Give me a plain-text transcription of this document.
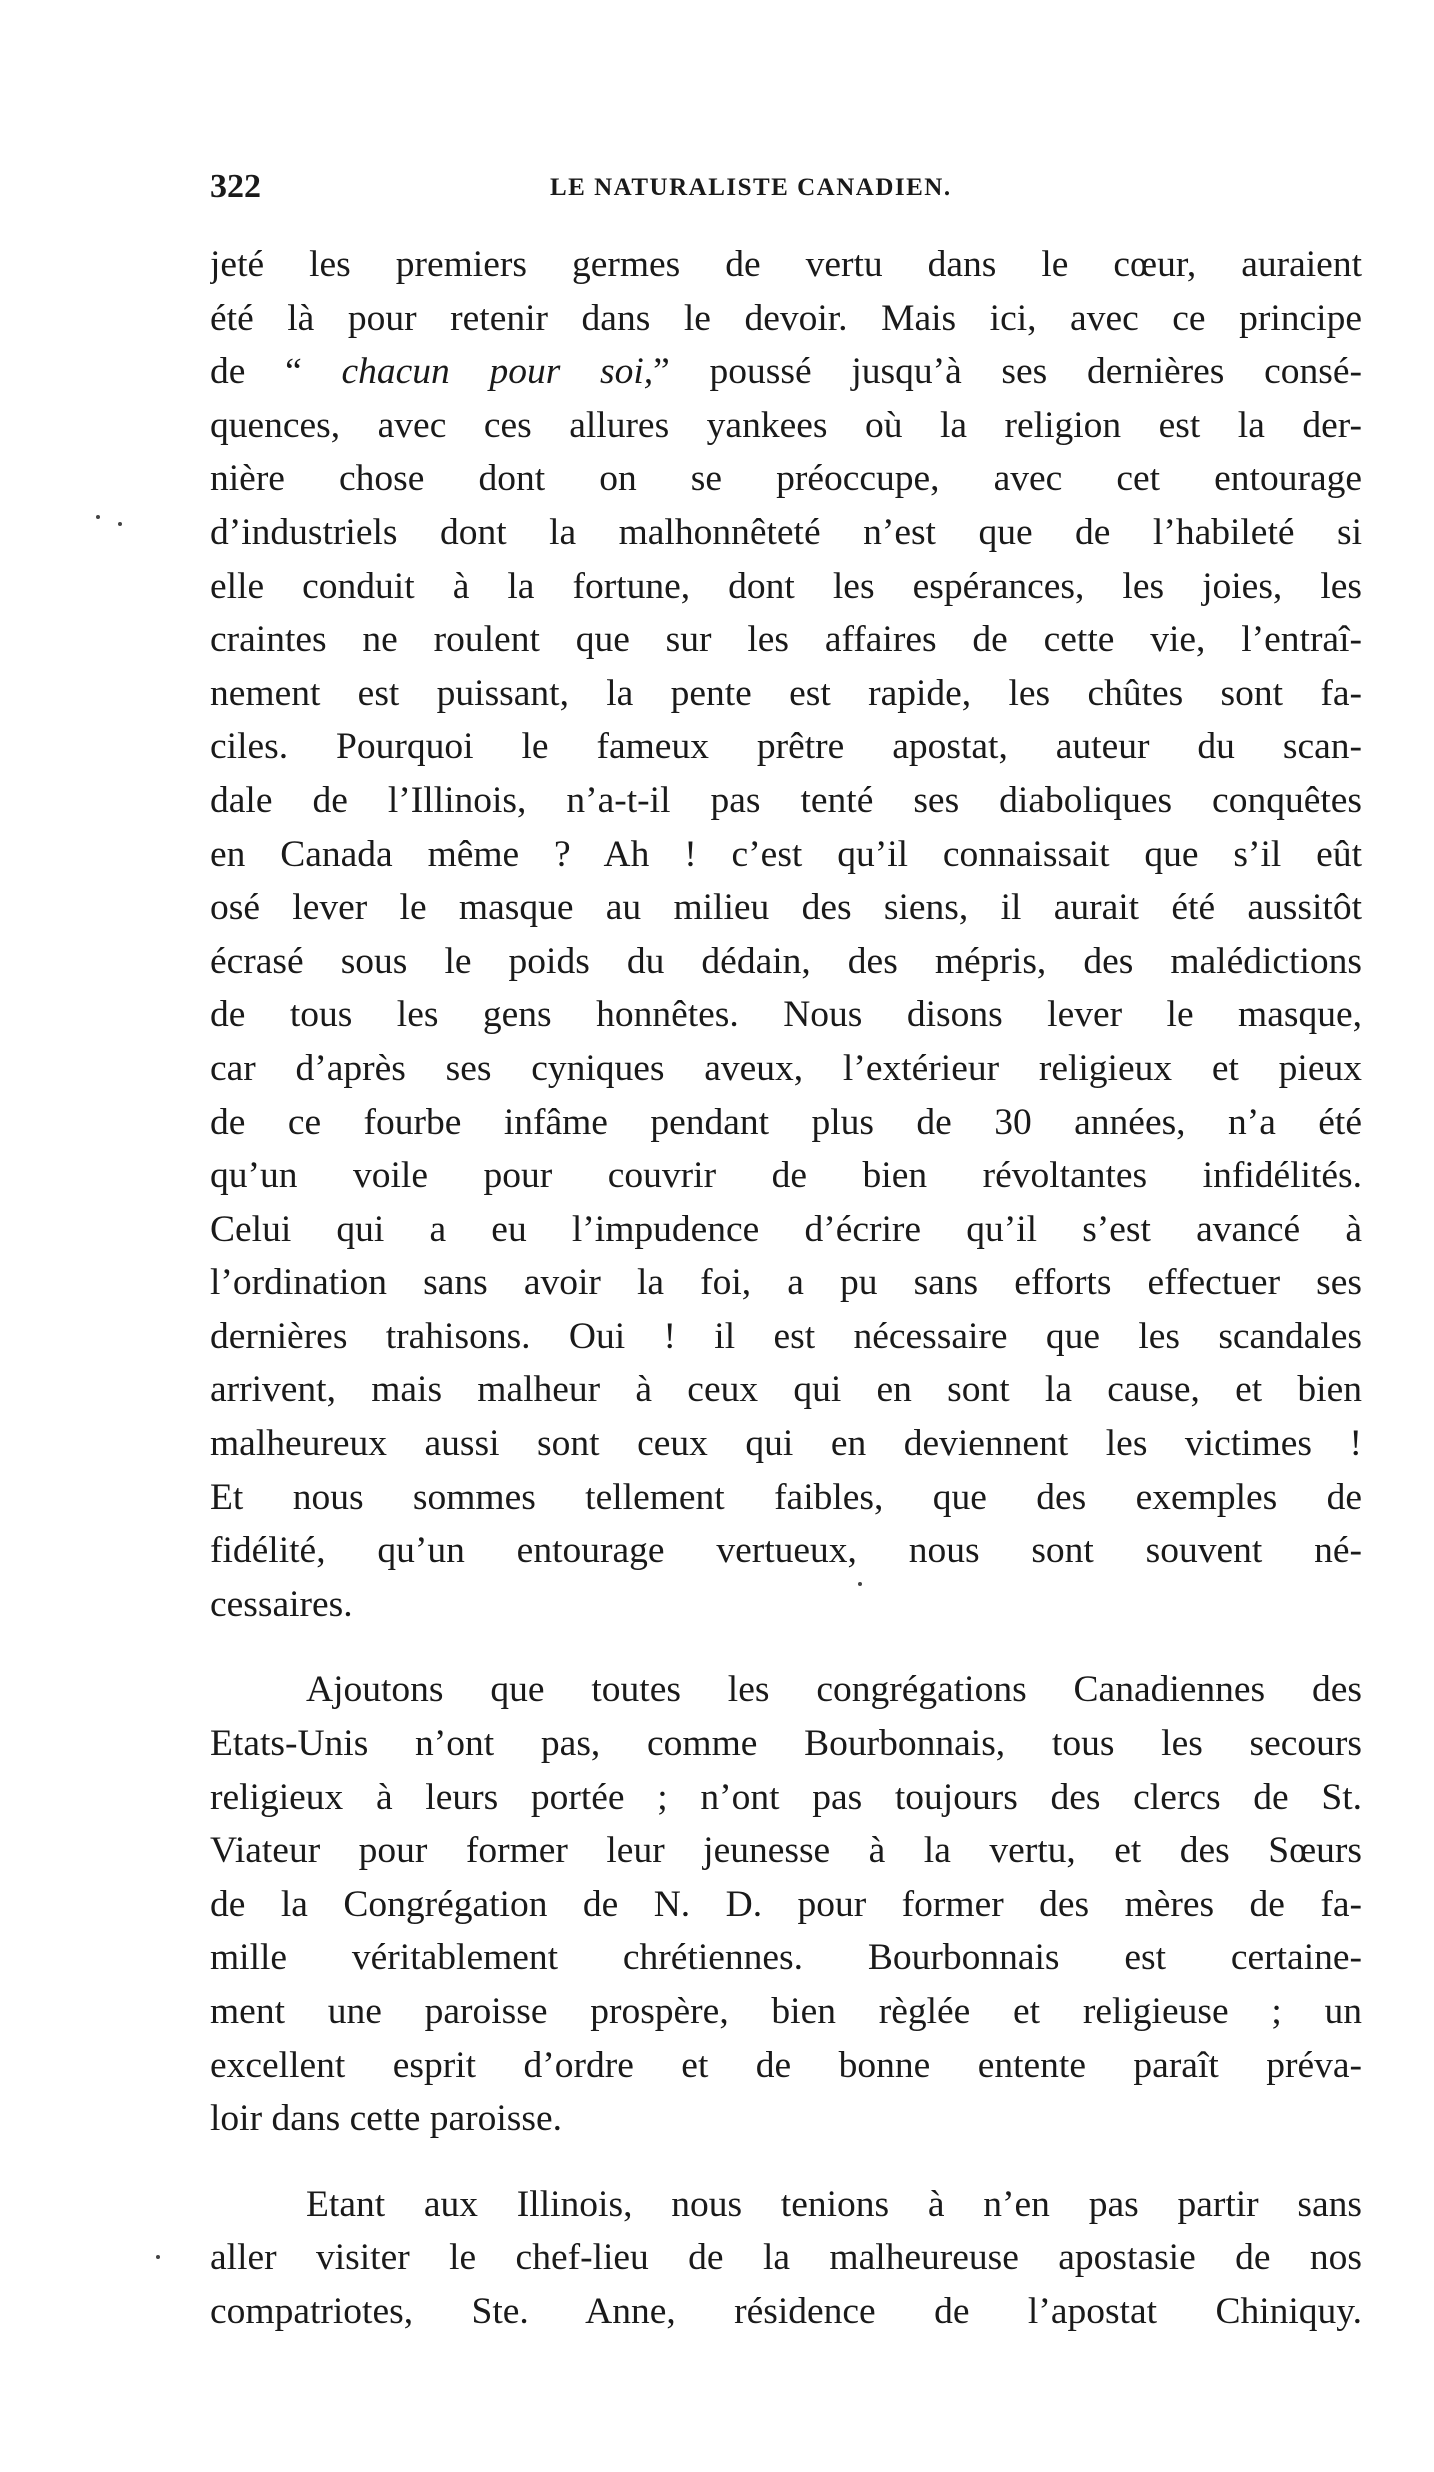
322	LE NATURALISTE CANADIEN.
jeté les premiers germes de vertu dans le cœur, auraient
été là pour retenir dans le devoir. Mais ici, avec ce principe
de “ chacun pour soi,” poussé jusqu’à ses dernières consé-
quences, avec ces allures yankees où la religion est la der-
nière chose dont on se préoccupe, avec cet entourage
d’industriels dont la malhonnêteté n’est que de l’habileté si
elle conduit à la fortune, dont les espérances, les joies, les
craintes ne roulent que sur les affaires de cette vie, l’entraî-
nement est puissant, la pente est rapide, les chûtes sont fa-
ciles. Pourquoi le fameux prêtre apostat, auteur du scan-
dale de l’Illinois, n’a-t-il pas tenté ses diaboliques conquêtes
en Canada même ? Ah ! c’est qu’il connaissait que s’il eût
osé lever le masque au milieu des siens, il aurait été aussitôt
écrasé sous le poids du dédain, des mépris, des malédictions
de tous les gens honnêtes. Nous disons lever le masque,
car d’après ses cyniques aveux, l’extérieur religieux et pieux
de ce fourbe infâme pendant plus de 30 années, n’a été
qu’un voile pour couvrir de bien révoltantes infidélités.
Celui qui a eu l’impudence d’écrire qu’il s’est avancé à
l’ordination sans avoir la foi, a pu sans efforts effectuer ses
dernières trahisons. Oui ! il est nécessaire que les scandales
arrivent, mais malheur à ceux qui en sont la cause, et bien
malheureux aussi sont ceux qui en deviennent les victimes !
Et nous sommes tellement faibles, que des exemples de
fidélité, qu’un entourage vertueux, nous sont souvent né-
cessaires.
Ajoutons que toutes les congrégations Canadiennes des
Etats-Unis n’ont pas, comme Bourbonnais, tous les secours
religieux à leurs portée ; n’ont pas toujours des clercs de St.
Viateur pour former leur jeunesse à la vertu, et des Sœurs
de la Congrégation de N. D. pour former des mères de fa-
mille véritablement chrétiennes. Bourbonnais est certaine-
ment une paroisse prospère, bien règlée et religieuse ; un
excellent esprit d’ordre et de bonne entente paraît préva-
loir dans cette paroisse.
Etant aux Illinois, nous tenions à n’en pas partir sans
aller visiter le chef-lieu de la malheureuse apostasie de nos
compatriotes, Ste. Anne, résidence de l’apostat Chiniquy.
